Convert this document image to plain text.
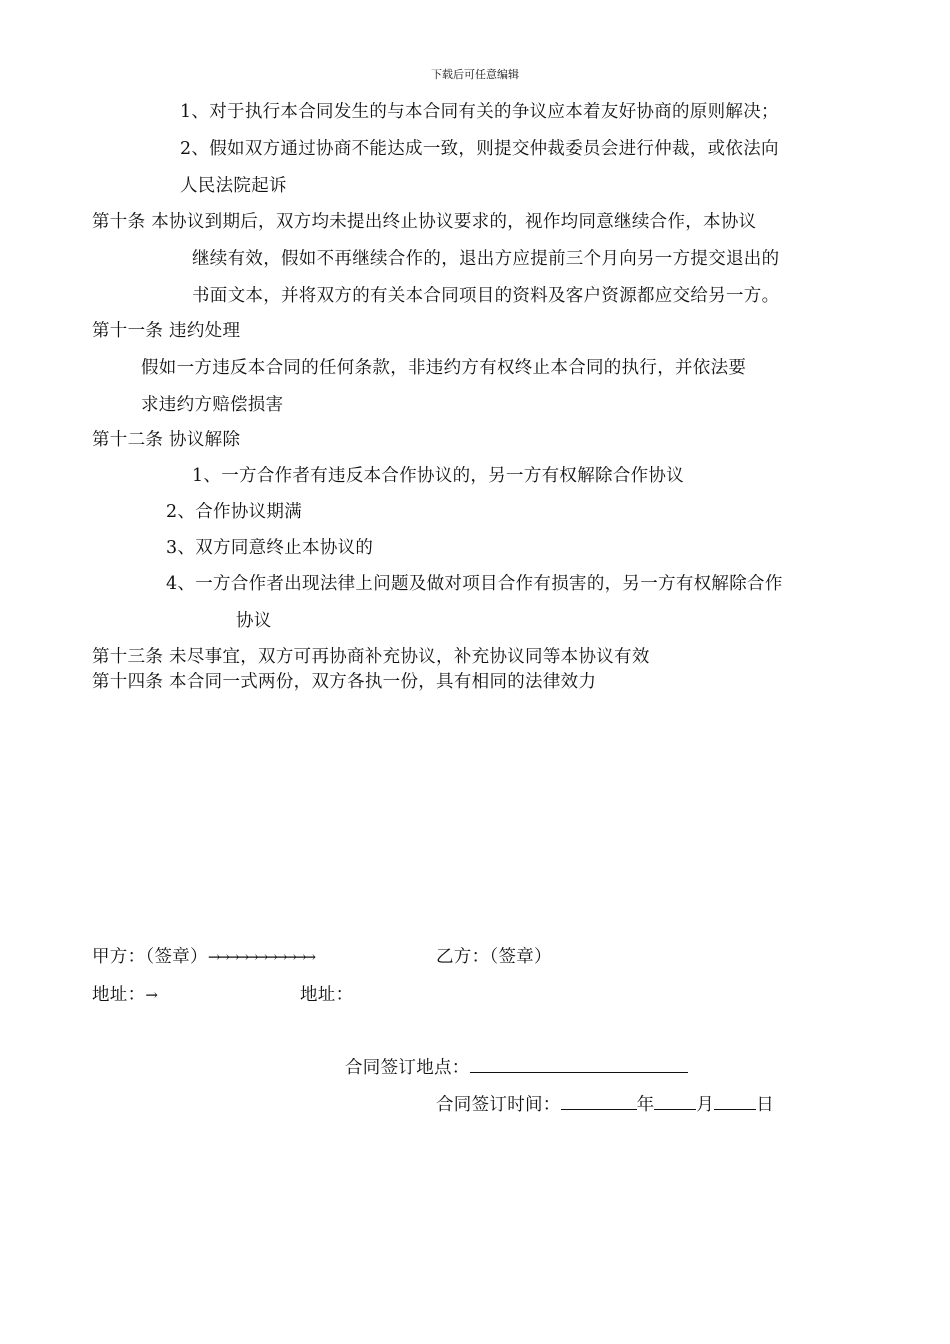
下载后可任意编辑
1、对于执行本合同发生的与本合同有关的争议应本着友好协商的原则解决；
2、假如双方通过协商不能达成一致，则提交仲裁委员会进行仲裁，或依法向
人民法院起诉
第十条 本协议到期后，双方均未提出终止协议要求的，视作均同意继续合作，本协议
继续有效，假如不再继续合作的，退出方应提前三个月向另一方提交退出的
书面文本，并将双方的有关本合同项目的资料及客户资源都应交给另一方。
第十一条 违约处理
假如一方违反本合同的任何条款，非违约方有权终止本合同的执行，并依法要
求违约方赔偿损害
第十二条 协议解除
1、一方合作者有违反本合作协议的，另一方有权解除合作协议
2、合作协议期满
3、双方同意终止本协议的
4、一方合作者出现法律上问题及做对项目合作有损害的，另一方有权解除合作
协议
第十三条 未尽事宜，双方可再协商补充协议，补充协议同等本协议有效
第十四条 本合同一式两份，双方各执一份，具有相同的法律效力
甲方：（签章）→→→→→→→→→→→	乙方：（签章）
地址：→	地址：
合同签订地点：
合同签订时间：	年 月 日
